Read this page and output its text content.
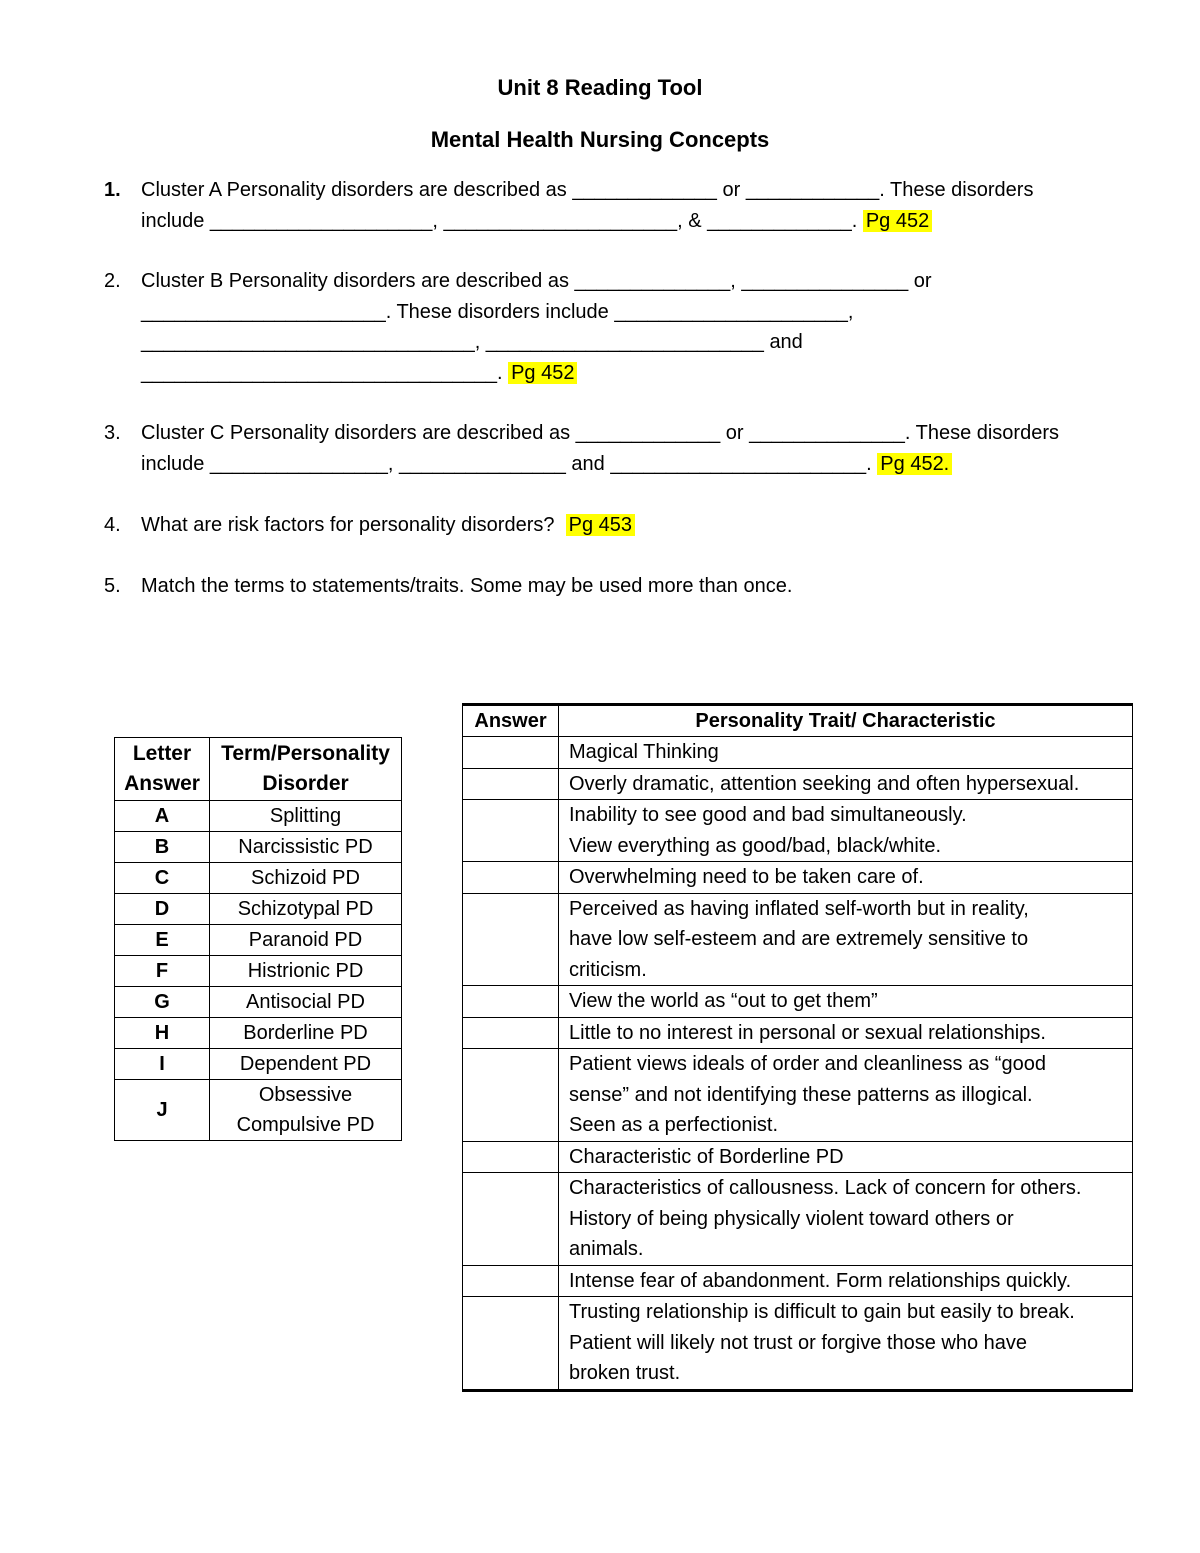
Unit 8 Reading Tool
Mental Health Nursing Concepts
1. Cluster A Personality disorders are described as _____________ or ____________. These disorders
include ____________________, _____________________, & _____________. Pg 452
2. Cluster B Personality disorders are described as ______________, _______________ or
______________________. These disorders include _____________________,
______________________________, _________________________ and
________________________________. Pg 452
3. Cluster C Personality disorders are described as _____________ or ______________. These disorders
include ________________, _______________ and _______________________. Pg 452.
4. What are risk factors for personality disorders? Pg 453
5. Match the terms to statements/traits. Some may be used more than once.
Letter Answer	Term/Personality Disorder
A	Splitting
B	Narcissistic PD
C	Schizoid PD
D	Schizotypal PD
E	Paranoid PD
F	Histrionic PD
G	Antisocial PD
H	Borderline PD
I	Dependent PD
J	Obsessive Compulsive PD
Answer	Personality Trait/ Characteristic

	Magical Thinking

	Overly dramatic, attention seeking and often hypersexual.

	Inability to see good and bad simultaneously.
View everything as good/bad, black/white.

	Overwhelming need to be taken care of.

	Perceived as having inflated self-worth but in reality,
have low self-esteem and are extremely sensitive to
criticism.

	View the world as “out to get them”

	Little to no interest in personal or sexual relationships.

	Patient views ideals of order and cleanliness as “good
sense” and not identifying these patterns as illogical.
Seen as a perfectionist.

	Characteristic of Borderline PD

	Characteristics of callousness. Lack of concern for others.
History of being physically violent toward others or
animals.

	Intense fear of abandonment. Form relationships quickly.

	Trusting relationship is difficult to gain but easily to break.
Patient will likely not trust or forgive those who have
broken trust.
